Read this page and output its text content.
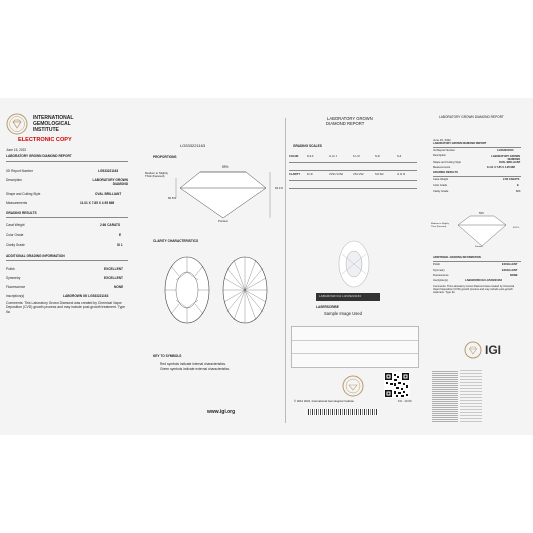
INTERNATIONAL
GEMOLOGICAL
INSTITUTE
ELECTRONIC COPY
June 15, 2022
LABORATORY GROWN DIAMOND REPORT
IGI Report Number	LG533221163
Description	LABORATORY GROWN DIAMOND
Shape and Cutting Style	OVAL BRILLIANT
Measurements	11.01 X 7.85 X 4.95 MM
GRADING RESULTS
Carat Weight	2.66 CARATS
Color Grade	E
Clarity Grade	SI 1
ADDITIONAL GRADING INFORMATION
Polish	EXCELLENT
Symmetry	EXCELLENT
Fluorescence	NONE
Inscription(s)	LABGROWN IGI LG533221163
Comments: This Laboratory Grown Diamond was created by Chemical Vapor Deposition (CVD) growth process and may include post-growth treatment. Type IIa
LG533221163
PROPORTIONS
59%
63.1%
Medium to Slightly Thick (Faceted)
84.5%
Pointed
CLARITY CHARACTERISTICS
KEY TO SYMBOLS
Red symbols indicate internal characteristics.
Green symbols indicate external characteristics.
www.igi.org
LABORATORY GROWN
DIAMOND REPORT
GRADING SCALES
COLOR	D E F	G H I J	K L M	N-R	S-Z
CLARITY	FL IF	VVS1 VVS2	VS1 VS2	SI1 SI2	I1 I2 I3
LABGROWN IGI LG533221163
LASERSCRIBE
Sample Image Used
© 2012 2022, International Gemological Institute	FO - 10.00
LABORATORY GROWN DIAMOND REPORT
June 15, 2022
LABORATORY GROWN DIAMOND REPORT
IGI Report Number	LG533221163
Description	LABORATORY GROWN DIAMOND
Shape and Cutting Style	OVAL BRILLIANT
Measurements	11.01 X 7.85 X 4.95 MM
GRADING RESULTS
Carat Weight	2.66 CARATS
Color Grade	E
Clarity Grade	SI 1
59%
63.1%
Medium to Slightly Thick (Faceted)
Pointed
ADDITIONAL GRADING INFORMATION
Polish	EXCELLENT
Symmetry	EXCELLENT
Fluorescence	NONE
Inscription(s)	LABGROWN IGI LG533221163
Comments: This Laboratory Grown Diamond was created by Chemical Vapor Deposition (CVD) growth process and may include post-growth treatment. Type IIa
IGI
